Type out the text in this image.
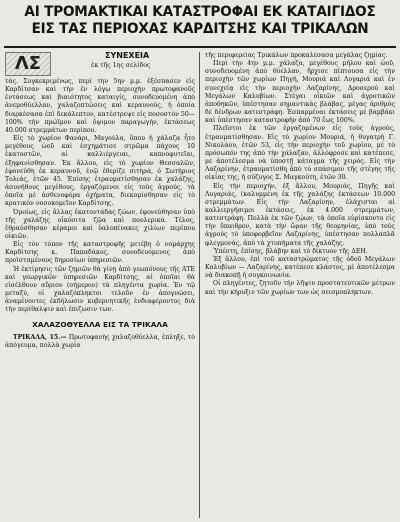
ΑΙ ΤΡΟΜΑΚΤΙΚΑΙ ΚΑΤΑΣΤΡΟΦΑΙ ΕΚ ΚΑΤΑΙΓΙΔΟΣ
ΕΙΣ ΤΑΣ ΠΕΡΙΟΧΑΣ ΚΑΡΔΙΤΣΗΣ ΚΑΙ ΤΡΙΚΑΛΩΝ
ΛΣ	ΣΥΝΕΧΕΙΑ
ἐκ τῆς 1ης σελίδος

τάς. Συγκεκριμένως, περί την 5ην μ.μ. ἐξέσπασεν εἰς Καρδίτσαν καὶ τὴν ἐν λόγῳ περιοχὴν πρωτοφανοῦς ἐντάσεως καὶ βιαιότητος καταιγίς, συνοδευομένη ἀπὸ ἀνεμοθύελλαν, χαλαζοπτώσεις καὶ κεραυνούς, ἡ ὁποία διαρκέσασα ἐπὶ δεκάλεπτον, κατέστρεψε εἰς ποσοστὸν 50—100% τὴν πρώϊμον καὶ ὄψιμον παραγωγήν, ἐκτάσεως 40.000 στρεμμάτων περίπου.

Εἰς τὸ χωρίον Φανάρι, Μαγούλα, ὅπου ἡ χάλαζα ἦτο μεγέθους ὠοῦ καὶ ἐσχημάτισε στρῶμα πάχους 10 ἑκατοστῶν, αἱ καλλιέργειαι, καπνοφυτεῖαι, ἐξηφανίσθησαν. Ἐκ ἄλλου, εἰς τὸ χωρίον Θεσσαλῶν, ἐφονεύθη ἐκ κεραυνοῦ, ἐνῷ ἐθερίζε σιτηρά, ὁ Σωτήριος Τολιάς, ἐτῶν 45. Ἐπίσης ἐτραυματίσθησαν ἐκ χαλάζης, ἀσυνήθους μεγέθους, ἐργαζόμενοι εἰς τοὺς ἀγρούς, τὰ ὁποῖα μὲ ἀσθενοφόρα ὀχήματα, διεκομίσθησαν εἰς τὸ κρατικὸν νοσοκομεῖον Καρδίτσης.

Ὁμοίως, εἰς ἄλλας ἐκατοντάδας ζώων, ἐφονεύθησαν ὑπὸ τῆς χαλάζης οἰκόσιτα ζῷα καὶ πουλερικά. Τέλος, ἐθραύσθησαν κέραμοι καὶ ὑαλοπίνακες χιλίων περίπου οἰκιῶν.

Εἰς τὸν τόπον τῆς καταστροφῆς μετέβη ὁ νομάρχης Καρδίτσης κ. Παπαδάκος, συνοδευόμενος ἀπὸ προϊσταμένους δημοσίων ὑπηρεσιῶν.

Ἡ ἐκτίμησις τῶν ζημιῶν θὰ γίνῃ ἀπὸ γεωπόνους τῆς ΑΤΕ καὶ γεωργικῶν ὑπηρεσιῶν Καρδίτσης, αἱ ὁποῖαι θὰ εἰσέλθουν αὔριον (σήμερον) τὰ πληγέντα χωρία. Ἐν τῷ μεταξύ, οἱ χαλαζόπληκτοι τελοῦν ἐν ἀπογνώσει, ἀναμένοντες ἐκδήλωσιν κυβερνητικῆς ἐνδιαφέροντος διὰ τὴν περίθαλψιν καὶ ἐπιζωσιν των.

ΧΑΛΑΖΟΘΥΕΛΛΑ ΕΙΣ ΤΑ ΤΡΙΚΑΛΑ

ΤΡΙΚΑΛΑ, 15.— Πρωτοφανὴς χαλαζοθύελλα, ἐπληξε, τὸ ἀπόγευμα, πολλὰ χωρία

τῆς περιφερείας Τρικάλων προκαλέσασα μεγάλας ζημίας.

Περὶ τὴν 4ην μ.μ. χάλαζα, μεγέθους μήλου καὶ ὠοῦ, συνοδευομένη ἀπὸ θύελλαν, ἤρχισε πίπτουσα εἰς τὴν περιοχὴν τῶν χωρίων Πηγή, Μουριά καὶ Λυγαριά καὶ ἐν συνεχείᾳ εἰς τὴν περιοχὴν Λαζαρίνης, Δροσερού καὶ Μεγάλων Καλυβίων. Στέγαι οἰκιῶν καὶ ἀγροτικῶν ἀποθηκῶν, ὑπέστησαν σημαντικὰς βλάβας, μέγας ἀριθμὸς δὲ δένδρων κατεστράφη. Ἐσπαρμέναι ἐκτάσεις μὲ βαμβάκι καὶ ὑπέστησαν καταστροφὴν ἀπὸ 70 ἕως 100%.

Πλεῖστοι ἐκ τῶν ἐργαζομένων εἰς τοὺς ἀγρούς, ἐτραυματίσθησαν. Εἰς τὸ χωρίον Μουριά, ἡ θυγατρὴ Γ. Νικολάου, ἐτῶν 53, εἰς τὴν περιοχὴν τοῦ χωρίου, μὲ τὸ πρόσωπόν της ἀπὸ τὴν χάλαζαν, ἀλλόφροσε καὶ κατέπεσε, με ἀποτέλεσμα νὰ ὑποστῇ κάταγμα τῆς χειρός. Εἰς τὴν Λαζαρίνην, ἐτραυματίσθη ἀπὸ τὸ σπάσιμον τῆς στέγης τῆς οἰκίας της, ἡ σύζυγος Σ. Μαγκούτη, ἐτῶν 30.

Εἰς τὴν περιοχήν, ἐξ ἄλλου, Μουριάς, Πηγῆς καὶ Λυγαριάς, (καλυμμένη ἐκ τῆς χαλάζης ἐκτάσεων 10.000 στρεμμάτων. Εἰς τὴν Λαζαρίνην, ἐλάχισται αἱ καλλιεργήσιμοι ἐκτάσεις, ἐκ 4.000 στρεμμάτων, κατεστράφη. Πολλὰ ἐκ τῶν ζῴων, τὰ ὁποῖα εὑρίσκοντο εἰς τὴν ὕπαιθρον, κατὰ τὴν ὥραν τῆς θεομηνίας, ὑπὸ τοὺς ἀγρούς τὸ ὑποφορβεῖον Λαζαρίνης, ὑπέστησαν πολλαπλᾶ φλεγμονάς, ἀπὸ τὰ χτυπήματα τῆς χαλάζης.

Ὑπέστη, ἐπίσης, βλάβην καὶ τὸ δίκτυον τῆς ΔΕΗ.

Ἐξ ἄλλου, ἐπὶ τοῦ καταστρώματος τῆς ὁδοῦ Μεγάλων Καλυβίων — Λαζαρίνης, κατέπεσε κλάστος, μὲ ἀποτέλεσμα νὰ διακοπῇ ἡ συγκοινωνία.

Οἱ πληγέντες, ζητοῦν τὴν λῆψιν προστατευτικῶν μέτρων καὶ τὴν κήρυξιν τῶν χωρίων των ὡς σεισμοπλήκτων.
